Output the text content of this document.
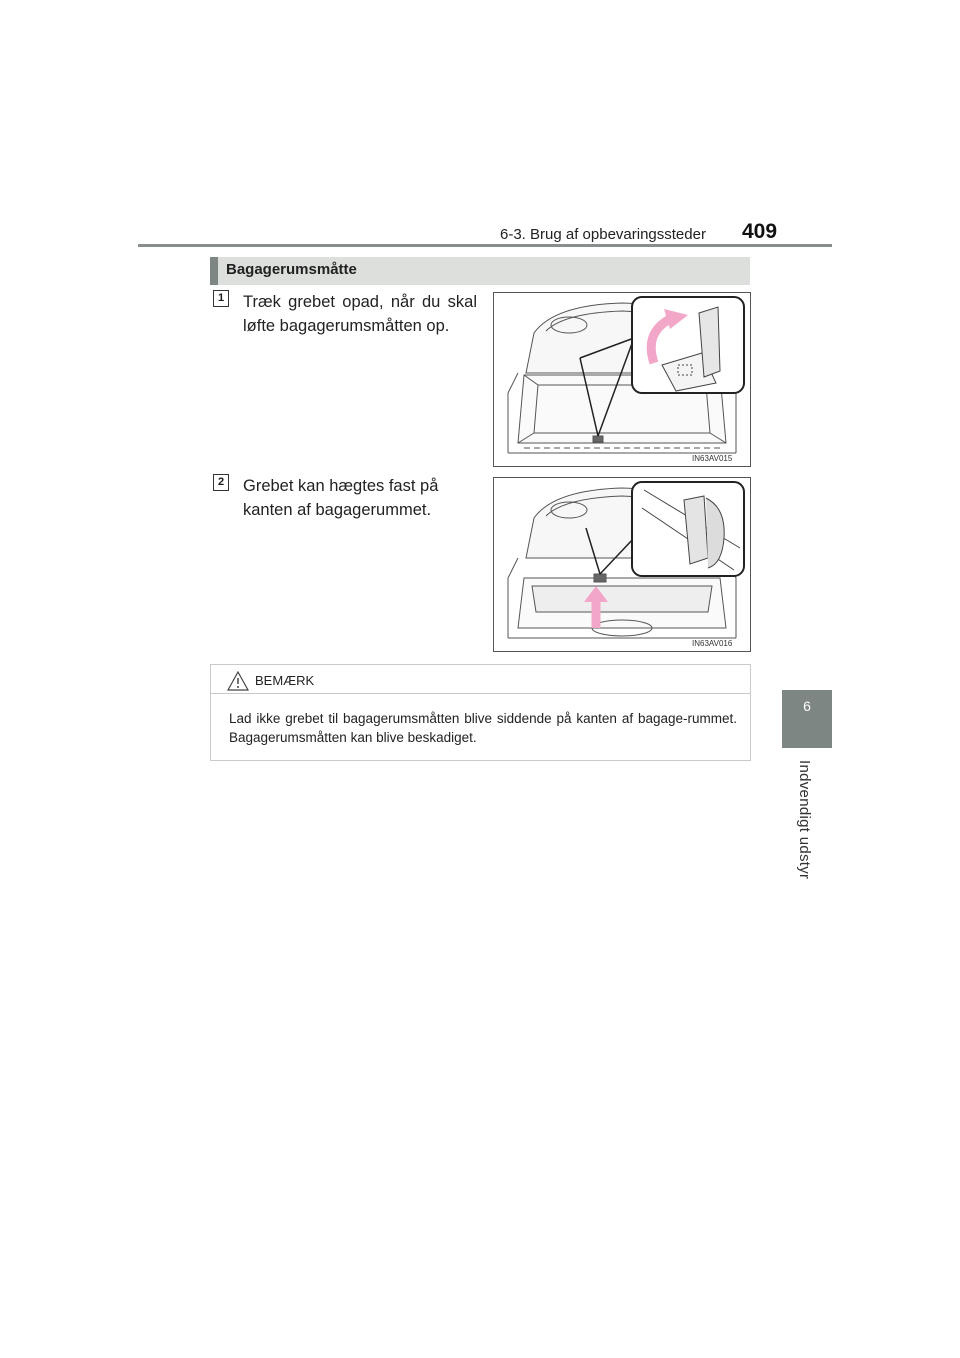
6-3. Brug af opbevaringssteder 409
6
Indvendigt udstyr
Bagagerumsmåtte
1 Træk grebet opad, når du skal løfte bagagerumsmåtten op.
IN63AV015
2 Grebet kan hægtes fast på kanten af bagagerummet.
IN63AV016
BEMÆRK
Lad ikke grebet til bagagerumsmåtten blive siddende på kanten af bagage-rummet. Bagagerumsmåtten kan blive beskadiget.
